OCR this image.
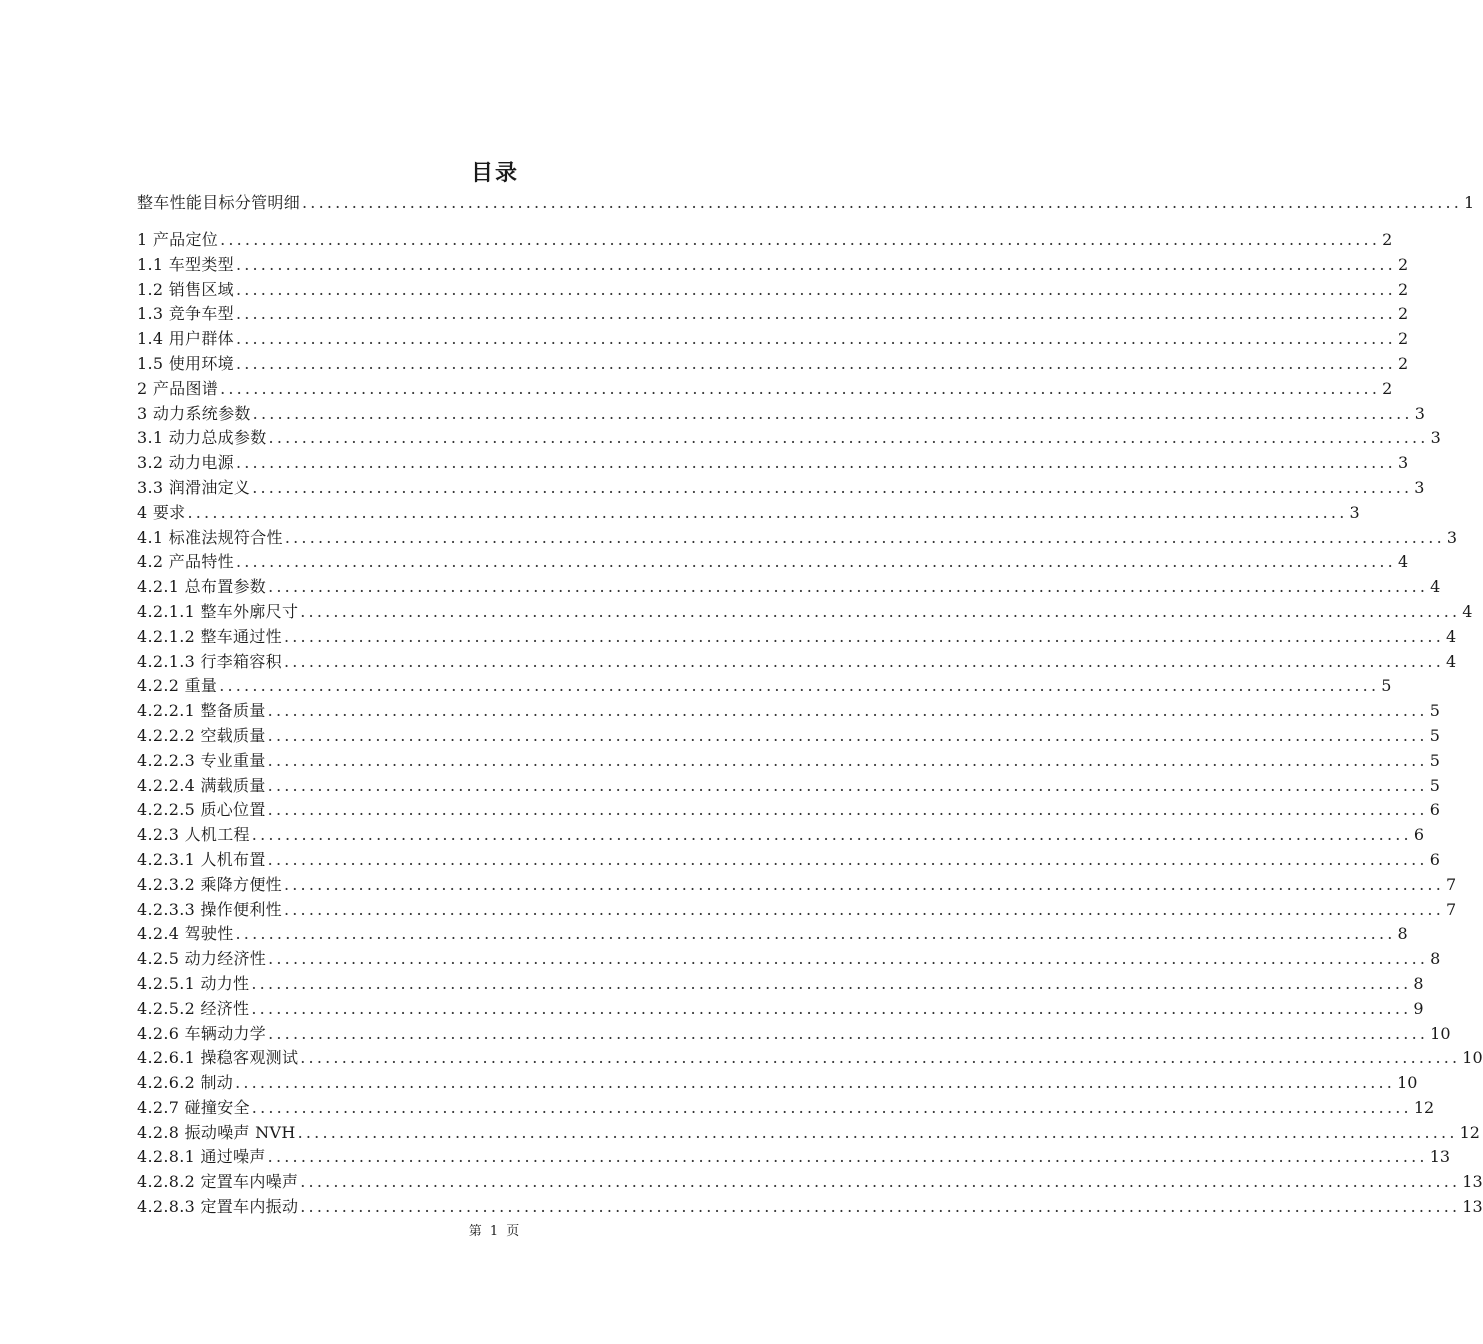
目录
整车性能目标分管明细 ............................................................................................................................................ 1
1 产品定位 ............................................................................................................................................ 2
1.1 车型类型 ............................................................................................................................................ 2
1.2 销售区域 ............................................................................................................................................ 2
1.3 竞争车型 ............................................................................................................................................ 2
1.4 用户群体 ............................................................................................................................................ 2
1.5 使用环境 ............................................................................................................................................ 2
2 产品图谱 ............................................................................................................................................ 2
3 动力系统参数 ............................................................................................................................................ 3
3.1 动力总成参数 ............................................................................................................................................ 3
3.2 动力电源 ............................................................................................................................................ 3
3.3 润滑油定义 ............................................................................................................................................ 3
4 要求 ............................................................................................................................................ 3
4.1 标准法规符合性 ............................................................................................................................................ 3
4.2 产品特性 ............................................................................................................................................ 4
4.2.1 总布置参数 ............................................................................................................................................ 4
4.2.1.1 整车外廓尺寸 ............................................................................................................................................ 4
4.2.1.2 整车通过性 ............................................................................................................................................ 4
4.2.1.3 行李箱容积 ............................................................................................................................................ 4
4.2.2 重量 ............................................................................................................................................ 5
4.2.2.1 整备质量 ............................................................................................................................................ 5
4.2.2.2 空载质量 ............................................................................................................................................ 5
4.2.2.3 专业重量 ............................................................................................................................................ 5
4.2.2.4 满载质量 ............................................................................................................................................ 5
4.2.2.5 质心位置 ............................................................................................................................................ 6
4.2.3 人机工程 ............................................................................................................................................ 6
4.2.3.1 人机布置 ............................................................................................................................................ 6
4.2.3.2 乘降方便性 ............................................................................................................................................ 7
4.2.3.3 操作便利性 ............................................................................................................................................ 7
4.2.4 驾驶性 ............................................................................................................................................ 8
4.2.5 动力经济性 ............................................................................................................................................ 8
4.2.5.1 动力性 ............................................................................................................................................ 8
4.2.5.2 经济性 ............................................................................................................................................ 9
4.2.6 车辆动力学 ............................................................................................................................................ 10
4.2.6.1 操稳客观测试 ............................................................................................................................................ 10
4.2.6.2 制动 ............................................................................................................................................ 10
4.2.7 碰撞安全 ............................................................................................................................................ 12
4.2.8 振动噪声 NVH ............................................................................................................................................ 12
4.2.8.1 通过噪声 ............................................................................................................................................ 13
4.2.8.2 定置车内噪声 ............................................................................................................................................ 13
4.2.8.3 定置车内振动 ............................................................................................................................................ 13
第 1 页
